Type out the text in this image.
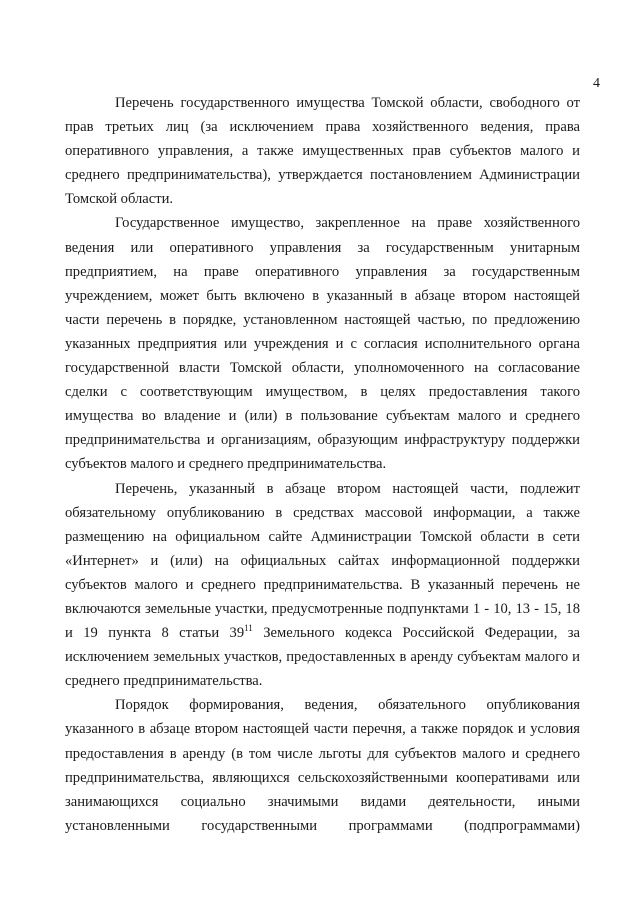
4

Перечень государственного имущества Томской области, свободного от прав третьих лиц (за исключением права хозяйственного ведения, права оперативного управления, а также имущественных прав субъектов малого и среднего предпринимательства), утверждается постановлением Администрации Томской области.

Государственное имущество, закрепленное на праве хозяйственного ведения или оперативного управления за государственным унитарным предприятием, на праве оперативного управления за государственным учреждением, может быть включено в указанный в абзаце втором настоящей части перечень в порядке, установленном настоящей частью, по предложению указанных предприятия или учреждения и с согласия исполнительного органа государственной власти Томской области, уполномоченного на согласование сделки с соответствующим имуществом, в целях предоставления такого имущества во владение и (или) в пользование субъектам малого и среднего предпринимательства и организациям, образующим инфраструктуру поддержки субъектов малого и среднего предпринимательства.

Перечень, указанный в абзаце втором настоящей части, подлежит обязательному опубликованию в средствах массовой информации, а также размещению на официальном сайте Администрации Томской области в сети «Интернет» и (или) на официальных сайтах информационной поддержки субъектов малого и среднего предпринимательства. В указанный перечень не включаются земельные участки, предусмотренные подпунктами 1 - 10, 13 - 15, 18 и 19 пункта 8 статьи $39^{11}$ Земельного кодекса Российской Федерации, за исключением земельных участков, предоставленных в аренду субъектам малого и среднего предпринимательства.

Порядок формирования, ведения, обязательного опубликования указанного в абзаце втором настоящей части перечня, а также порядок и условия предоставления в аренду (в том числе льготы для субъектов малого и среднего предпринимательства, являющихся сельскохозяйственными кооперативами или занимающихся социально значимыми видами деятельности, иными установленными государственными программами (подпрограммами)
